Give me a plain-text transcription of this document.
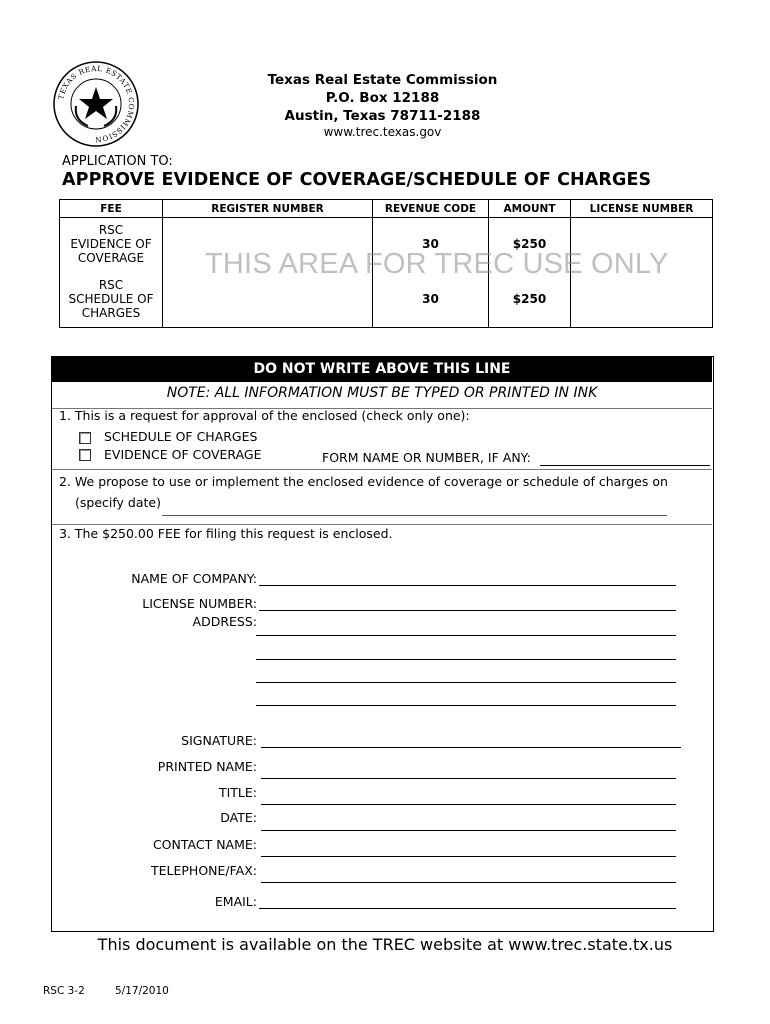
TEXAS REAL ESTATE COMMISSION
Texas Real Estate Commission
P.O. Box 12188
Austin, Texas 78711-2188
www.trec.texas.gov
APPLICATION TO:
APPROVE EVIDENCE OF COVERAGE/SCHEDULE OF CHARGES
FEE	REGISTER NUMBER	REVENUE CODE	AMOUNT	LICENSE NUMBER

RSC
EVIDENCE OF
COVERAGE		30	$250	

RSC
SCHEDULE OF
CHARGES		30	$250	
THIS AREA FOR TREC USE ONLY
DO NOT WRITE ABOVE THIS LINE
NOTE: ALL INFORMATION MUST BE TYPED OR PRINTED IN INK
1. This is a request for approval of the enclosed (check only one):
SCHEDULE OF CHARGES
EVIDENCE OF COVERAGE	FORM NAME OR NUMBER, IF ANY:
2. We propose to use or implement the enclosed evidence of coverage or schedule of charges on
(specify date)
3. The $250.00 FEE for filing this request is enclosed.
NAME OF COMPANY:
LICENSE NUMBER:
ADDRESS:
SIGNATURE:
PRINTED NAME:
TITLE:
DATE:
CONTACT NAME:
TELEPHONE/FAX:
EMAIL:
This document is available on the TREC website at www.trec.state.tx.us
RSC 3-2	5/17/2010
